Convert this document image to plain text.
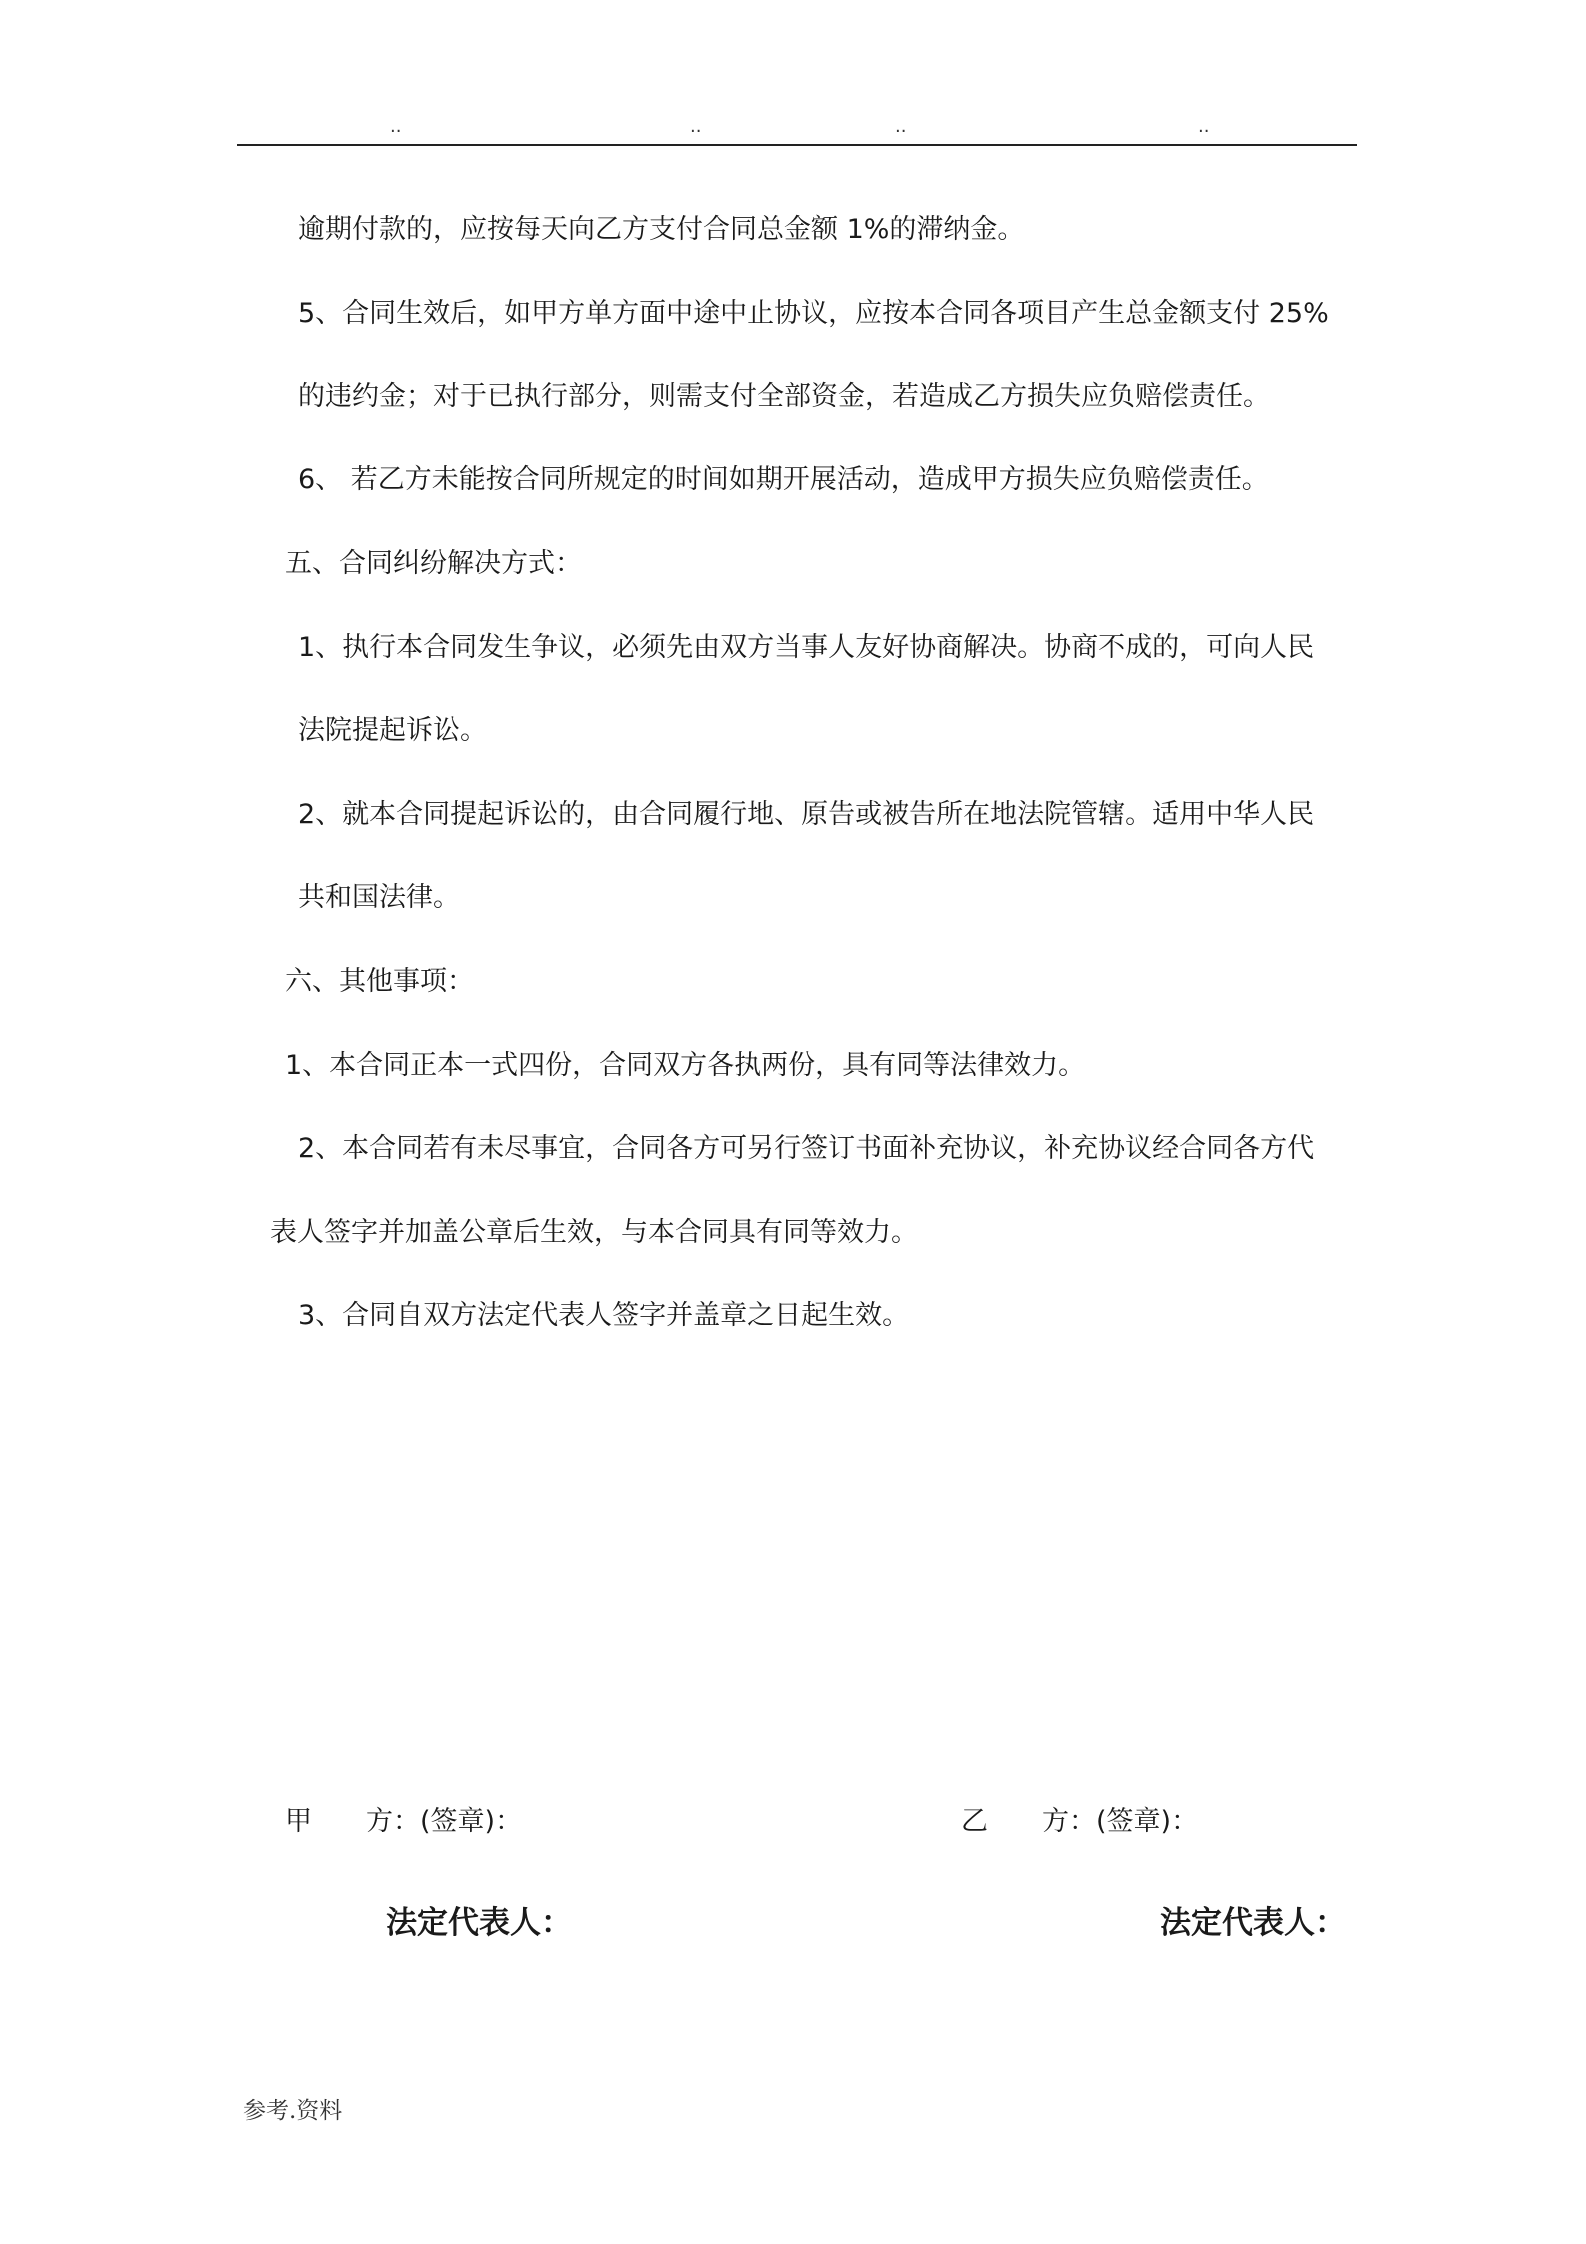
..	..	..	..
逾期付款的，应按每天向乙方支付合同总金额 1%的滞纳金。
5、合同生效后，如甲方单方面中途中止协议，应按本合同各项目产生总金额支付 25%
的违约金；对于已执行部分，则需支付全部资金，若造成乙方损失应负赔偿责任。
6、 若乙方未能按合同所规定的时间如期开展活动，造成甲方损失应负赔偿责任。
五、合同纠纷解决方式：
1、执行本合同发生争议，必须先由双方当事人友好协商解决。协商不成的，可向人民
法院提起诉讼。
2、就本合同提起诉讼的，由合同履行地、原告或被告所在地法院管辖。适用中华人民
共和国法律。
六、其他事项：
1、本合同正本一式四份，合同双方各执两份，具有同等法律效力。
2、本合同若有未尽事宜，合同各方可另行签订书面补充协议，补充协议经合同各方代
表人签字并加盖公章后生效，与本合同具有同等效力。
3、合同自双方法定代表人签字并盖章之日起生效。
甲 方：(签章)：	乙 方：(签章)：
法定代表人：	法定代表人：
参考.资料
